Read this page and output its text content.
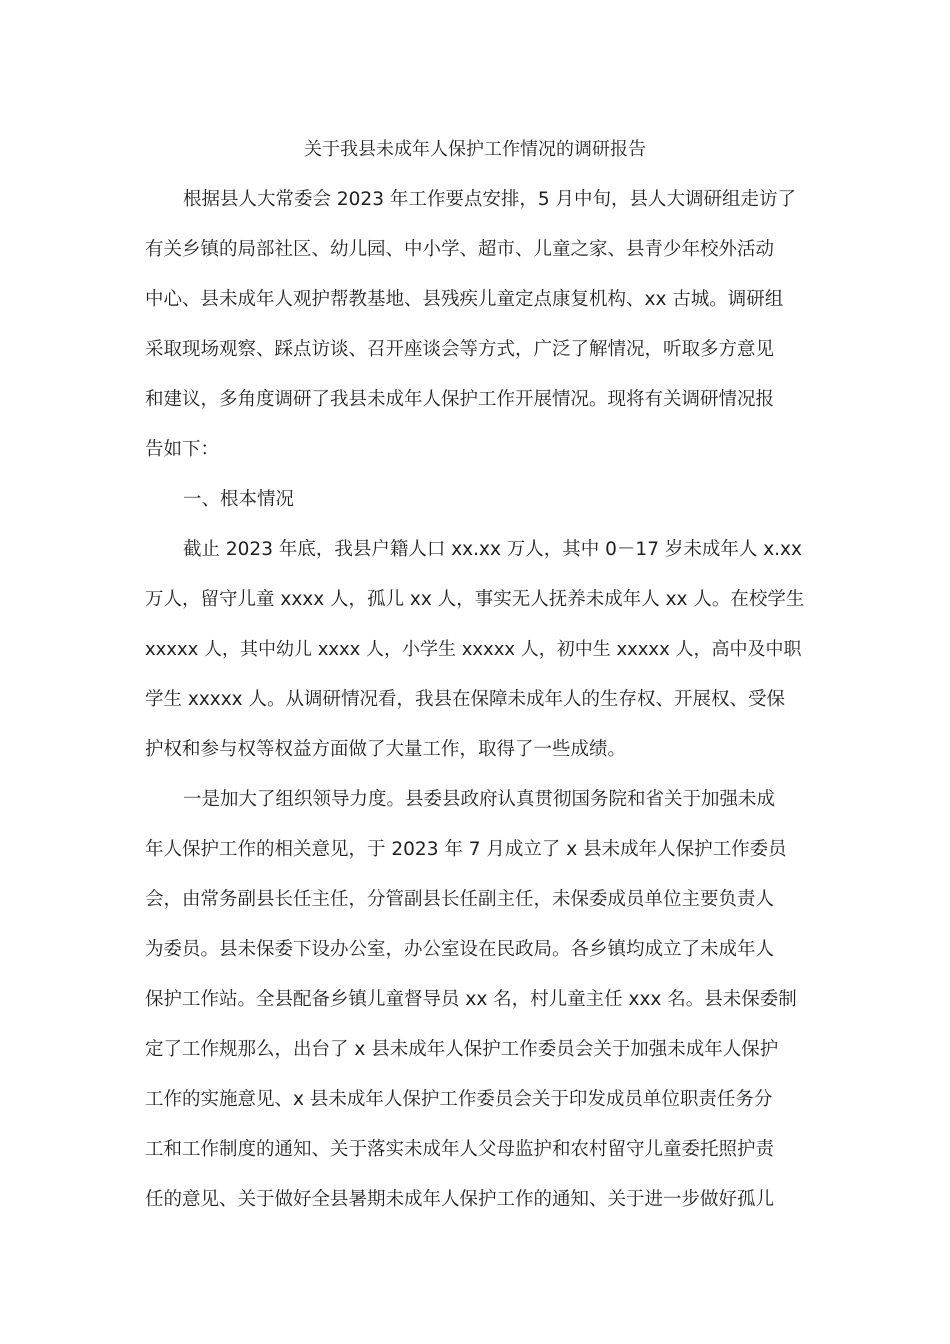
关于我县未成年人保护工作情况的调研报告
根据县人大常委会 2023 年工作要点安排，5 月中旬，县人大调研组走访了
有关乡镇的局部社区、幼儿园、中小学、超市、儿童之家、县青少年校外活动
中心、县未成年人观护帮教基地、县残疾儿童定点康复机构、xx 古城。调研组
采取现场观察、踩点访谈、召开座谈会等方式，广泛了解情况，听取多方意见
和建议，多角度调研了我县未成年人保护工作开展情况。现将有关调研情况报
告如下：
一、根本情况
截止 2023 年底，我县户籍人口 xx.xx 万人，其中 0－17 岁未成年人 x.xx
万人，留守儿童 xxxx 人，孤儿 xx 人，事实无人抚养未成年人 xx 人。在校学生
xxxxx 人，其中幼儿 xxxx 人，小学生 xxxxx 人，初中生 xxxxx 人，高中及中职
学生 xxxxx 人。从调研情况看，我县在保障未成年人的生存权、开展权、受保
护权和参与权等权益方面做了大量工作，取得了一些成绩。
一是加大了组织领导力度。县委县政府认真贯彻国务院和省关于加强未成
年人保护工作的相关意见，于 2023 年 7 月成立了 x 县未成年人保护工作委员
会，由常务副县长任主任，分管副县长任副主任，未保委成员单位主要负责人
为委员。县未保委下设办公室，办公室设在民政局。各乡镇均成立了未成年人
保护工作站。全县配备乡镇儿童督导员 xx 名，村儿童主任 xxx 名。县未保委制
定了工作规那么，出台了 x 县未成年人保护工作委员会关于加强未成年人保护
工作的实施意见、x 县未成年人保护工作委员会关于印发成员单位职责任务分
工和工作制度的通知、关于落实未成年人父母监护和农村留守儿童委托照护责
任的意见、关于做好全县暑期未成年人保护工作的通知、关于进一步做好孤儿
